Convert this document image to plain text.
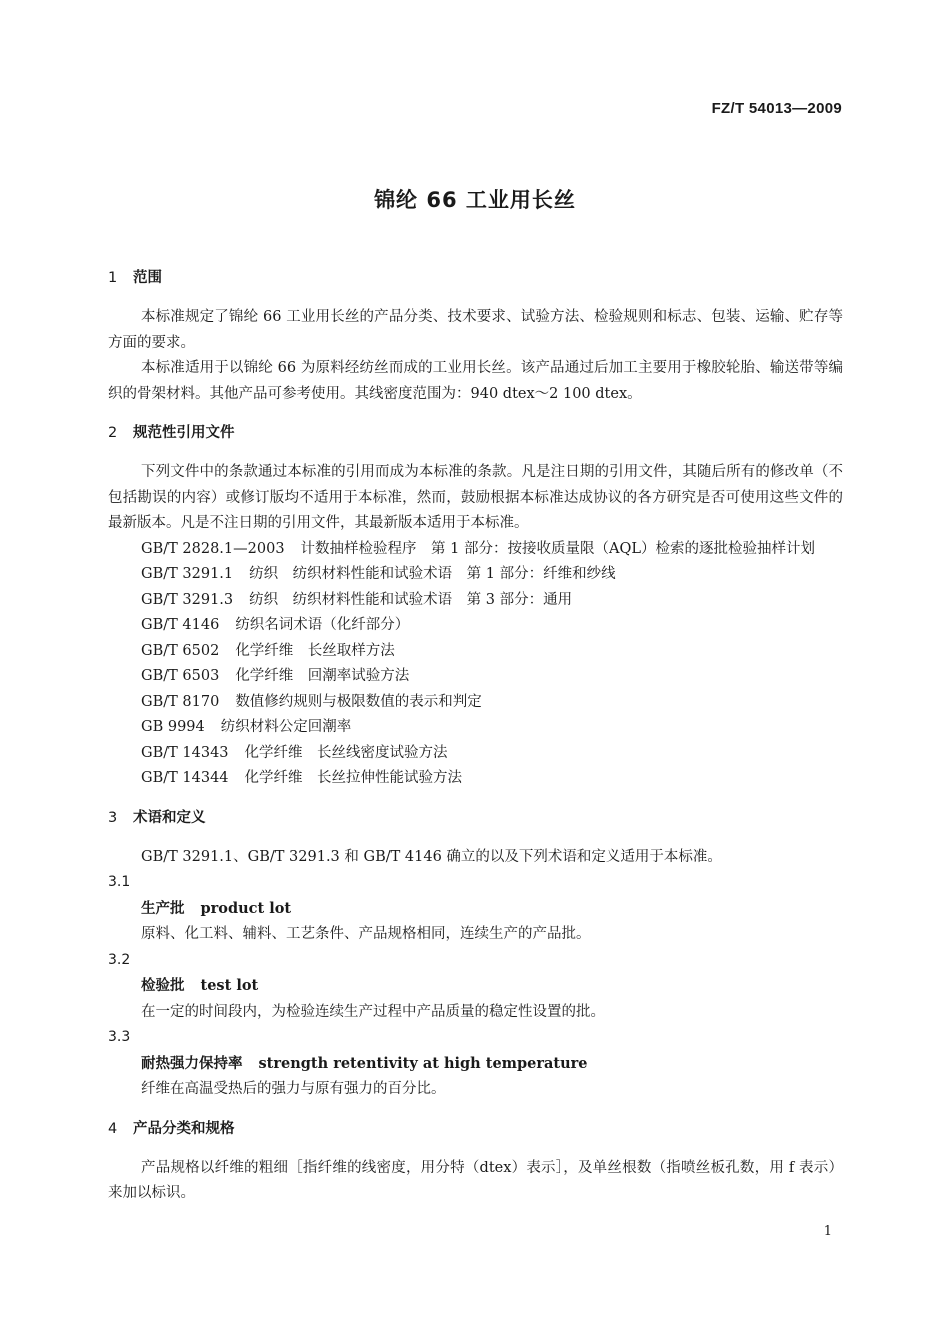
FZ/T 54013—2009
锦纶 66 工业用长丝
1 范围

本标准规定了锦纶 66 工业用长丝的产品分类、技术要求、试验方法、检验规则和标志、包装、运输、贮存等方面的要求。

本标准适用于以锦纶 66 为原料经纺丝而成的工业用长丝。该产品通过后加工主要用于橡胶轮胎、输送带等编织的骨架材料。其他产品可参考使用。其线密度范围为：940 dtex～2 100 dtex。

2 规范性引用文件

下列文件中的条款通过本标准的引用而成为本标准的条款。凡是注日期的引用文件，其随后所有的修改单（不包括勘误的内容）或修订版均不适用于本标准，然而，鼓励根据本标准达成协议的各方研究是否可使用这些文件的最新版本。凡是不注日期的引用文件，其最新版本适用于本标准。

GB/T 2828.1—2003 计数抽样检验程序　第 1 部分：按接收质量限（AQL）检索的逐批检验抽样计划

GB/T 3291.1 纺织　纺织材料性能和试验术语　第 1 部分：纤维和纱线

GB/T 3291.3 纺织　纺织材料性能和试验术语　第 3 部分：通用

GB/T 4146 纺织名词术语（化纤部分）

GB/T 6502 化学纤维　长丝取样方法

GB/T 6503 化学纤维　回潮率试验方法

GB/T 8170 数值修约规则与极限数值的表示和判定

GB 9994 纺织材料公定回潮率

GB/T 14343 化学纤维　长丝线密度试验方法

GB/T 14344 化学纤维　长丝拉伸性能试验方法

3 术语和定义

GB/T 3291.1、GB/T 3291.3 和 GB/T 4146 确立的以及下列术语和定义适用于本标准。

3.1

生产批 product lot

原料、化工料、辅料、工艺条件、产品规格相同，连续生产的产品批。

3.2

检验批 test lot

在一定的时间段内，为检验连续生产过程中产品质量的稳定性设置的批。

3.3

耐热强力保持率 strength retentivity at high temperature

纤维在高温受热后的强力与原有强力的百分比。

4 产品分类和规格

产品规格以纤维的粗细［指纤维的线密度，用分特（dtex）表示］，及单丝根数（指喷丝板孔数，用 f 表示）来加以标识。

1
